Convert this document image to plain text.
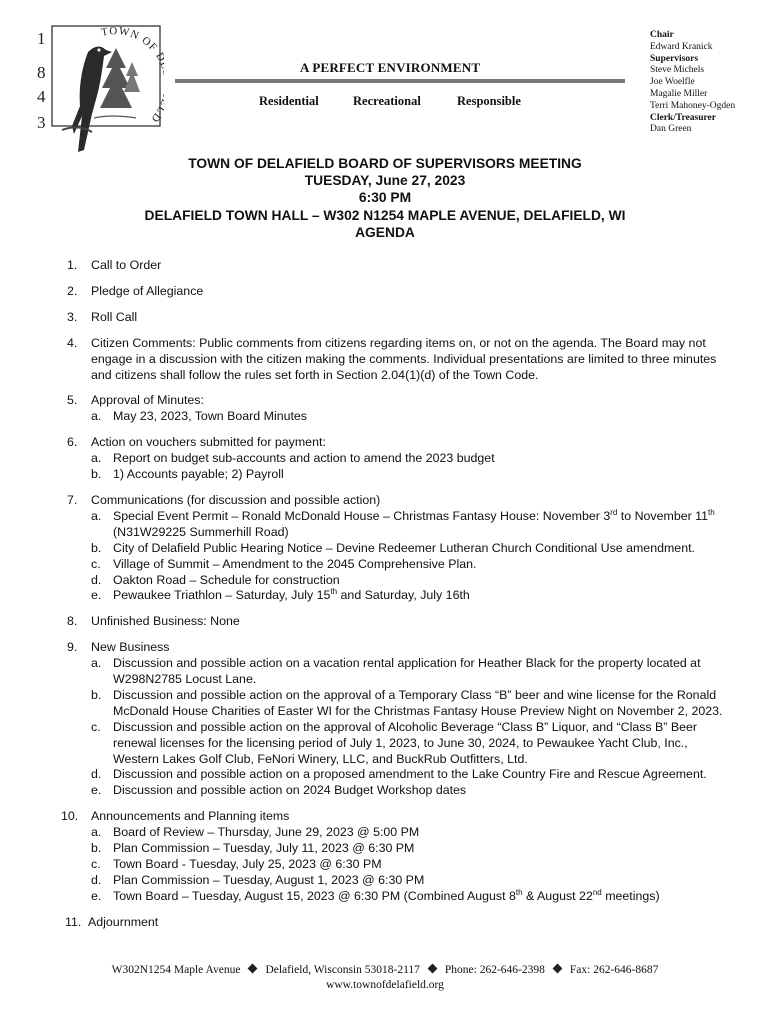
1
8
4
3
TOWN OF D
A PERFECT ENVIRONMENT
Residential	Recreational	Responsible
Chair
Edward Kranick
Supervisors
Steve Michels
Joe Woelfle
Magalie Miller
Terri Mahoney-Ogden
Clerk/Treasurer
Dan Green
TOWN OF DELAFIELD BOARD OF SUPERVISORS MEETING
TUESDAY, June 27, 2023
6:30 PM
DELAFIELD TOWN HALL – W302 N1254 MAPLE AVENUE, DELAFIELD, WI
AGENDA
1.	Call to Order
2.	Pledge of Allegiance
3.	Roll Call
4.	Citizen Comments: Public comments from citizens regarding items on, or not on the agenda. The Board may not engage in a discussion with the citizen making the comments. Individual presentations are limited to three minutes and citizens shall follow the rules set forth in Section 2.04(1)(d) of the Town Code.
5.	Approval of Minutes:
a. May 23, 2023, Town Board Minutes
6.	Action on vouchers submitted for payment:
a. Report on budget sub-accounts and action to amend the 2023 budget
b. 1) Accounts payable; 2) Payroll
7.	Communications (for discussion and possible action)
a. Special Event Permit – Ronald McDonald House – Christmas Fantasy House: November 3rd to November 11th
(N31W29225 Summerhill Road)
b. City of Delafield Public Hearing Notice – Devine Redeemer Lutheran Church Conditional Use amendment.
c. Village of Summit – Amendment to the 2045 Comprehensive Plan.
d. Oakton Road – Schedule for construction
e. Pewaukee Triathlon – Saturday, July 15th and Saturday, July 16th
8.	Unfinished Business: None
9.	New Business
a. Discussion and possible action on a vacation rental application for Heather Black for the property located at W298N2785 Locust Lane.
b. Discussion and possible action on the approval of a Temporary Class “B” beer and wine license for the Ronald McDonald House Charities of Easter WI for the Christmas Fantasy House Preview Night on November 2, 2023.
c. Discussion and possible action on the approval of Alcoholic Beverage “Class B” Liquor, and “Class B” Beer renewal licenses for the licensing period of July 1, 2023, to June 30, 2024, to Pewaukee Yacht Club, Inc., Western Lakes Golf Club, FeNori Winery, LLC, and BuckRub Outfitters, Ltd.
d. Discussion and possible action on a proposed amendment to the Lake Country Fire and Rescue Agreement.
e. Discussion and possible action on 2024 Budget Workshop dates
10. Announcements and Planning items
a. Board of Review – Thursday, June 29, 2023 @ 5:00 PM
b. Plan Commission – Tuesday, July 11, 2023 @ 6:30 PM
c. Town Board - Tuesday, July 25, 2023 @ 6:30 PM
d. Plan Commission – Tuesday, August 1, 2023 @ 6:30 PM
e. Town Board – Tuesday, August 15, 2023 @ 6:30 PM (Combined August 8th & August 22nd meetings)
11. Adjournment
W302N1254 Maple Avenue Delafield, Wisconsin 53018-2117 Phone: 262-646-2398 Fax: 262-646-8687
www.townofdelafield.org
